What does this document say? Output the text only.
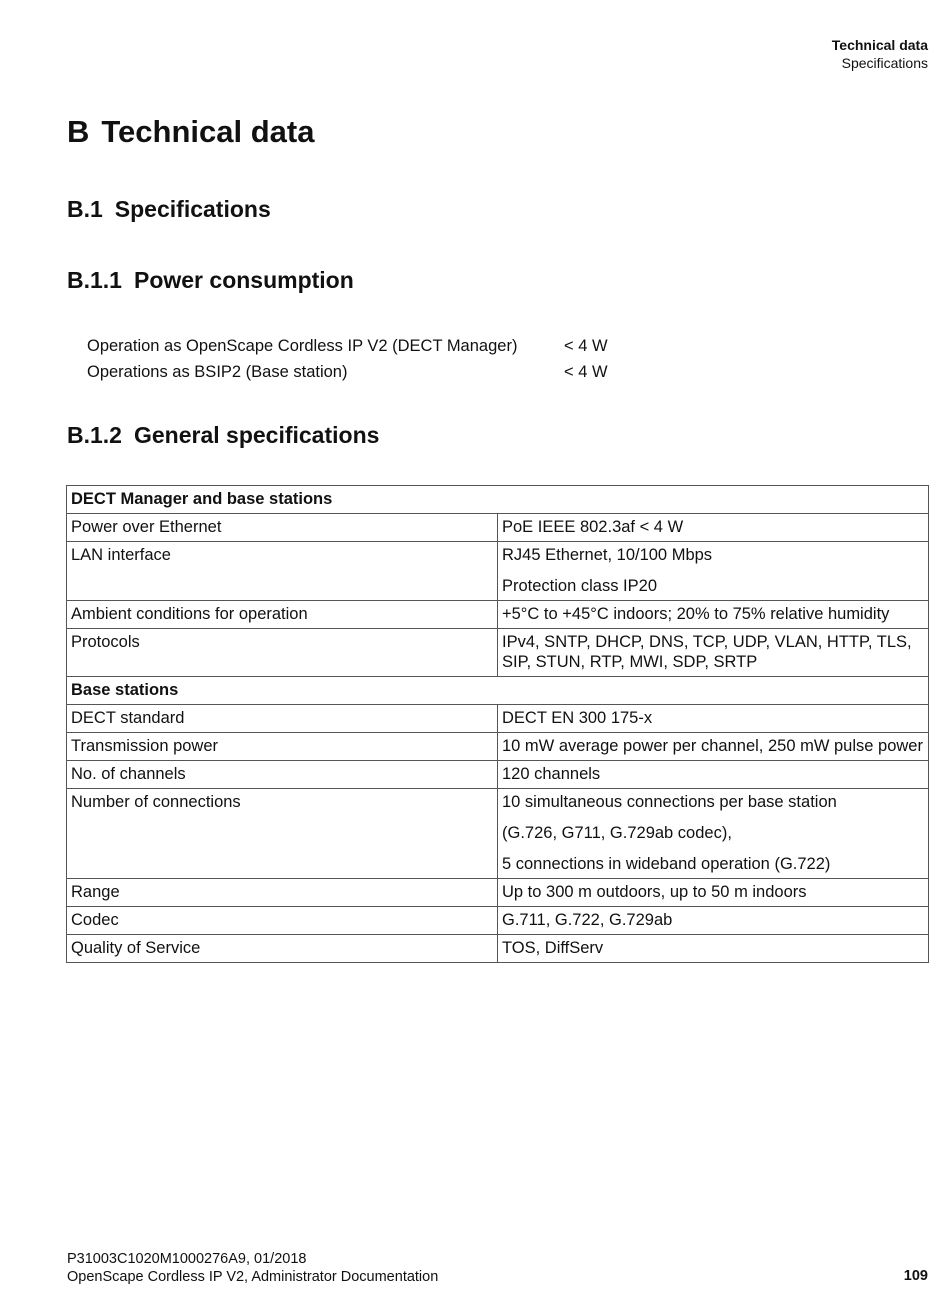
Technical data
Specifications
B Technical data
B.1 Specifications
B.1.1 Power consumption
Operation as OpenScape Cordless IP V2 (DECT Manager)	< 4 W
Operations as BSIP2 (Base station)	< 4 W
B.1.2 General specifications
DECT Manager and base stations	
Power over Ethernet	PoE IEEE 802.3af < 4 W
LAN interface	RJ45 Ethernet, 10/100 Mbps
Protection class IP20

Ambient conditions for operation	+5°C to +45°C indoors; 20% to 75% relative humidity
Protocols	IPv4, SNTP, DHCP, DNS, TCP, UDP, VLAN, HTTP, TLS, SIP, STUN, RTP, MWI, SDP, SRTP
Base stations	
DECT standard	DECT EN 300 175-x
Transmission power	10 mW average power per channel, 250 mW pulse power
No. of channels	120 channels
Number of connections	10 simultaneous connections per base station
(G.726, G711, G.729ab codec),
5 connections in wideband operation (G.722)

Range	Up to 300 m outdoors, up to 50 m indoors
Codec	G.711, G.722, G.729ab
Quality of Service	TOS, DiffServ
P31003C1020M1000276A9, 01/2018
OpenScape Cordless IP V2, Administrator Documentation	109
